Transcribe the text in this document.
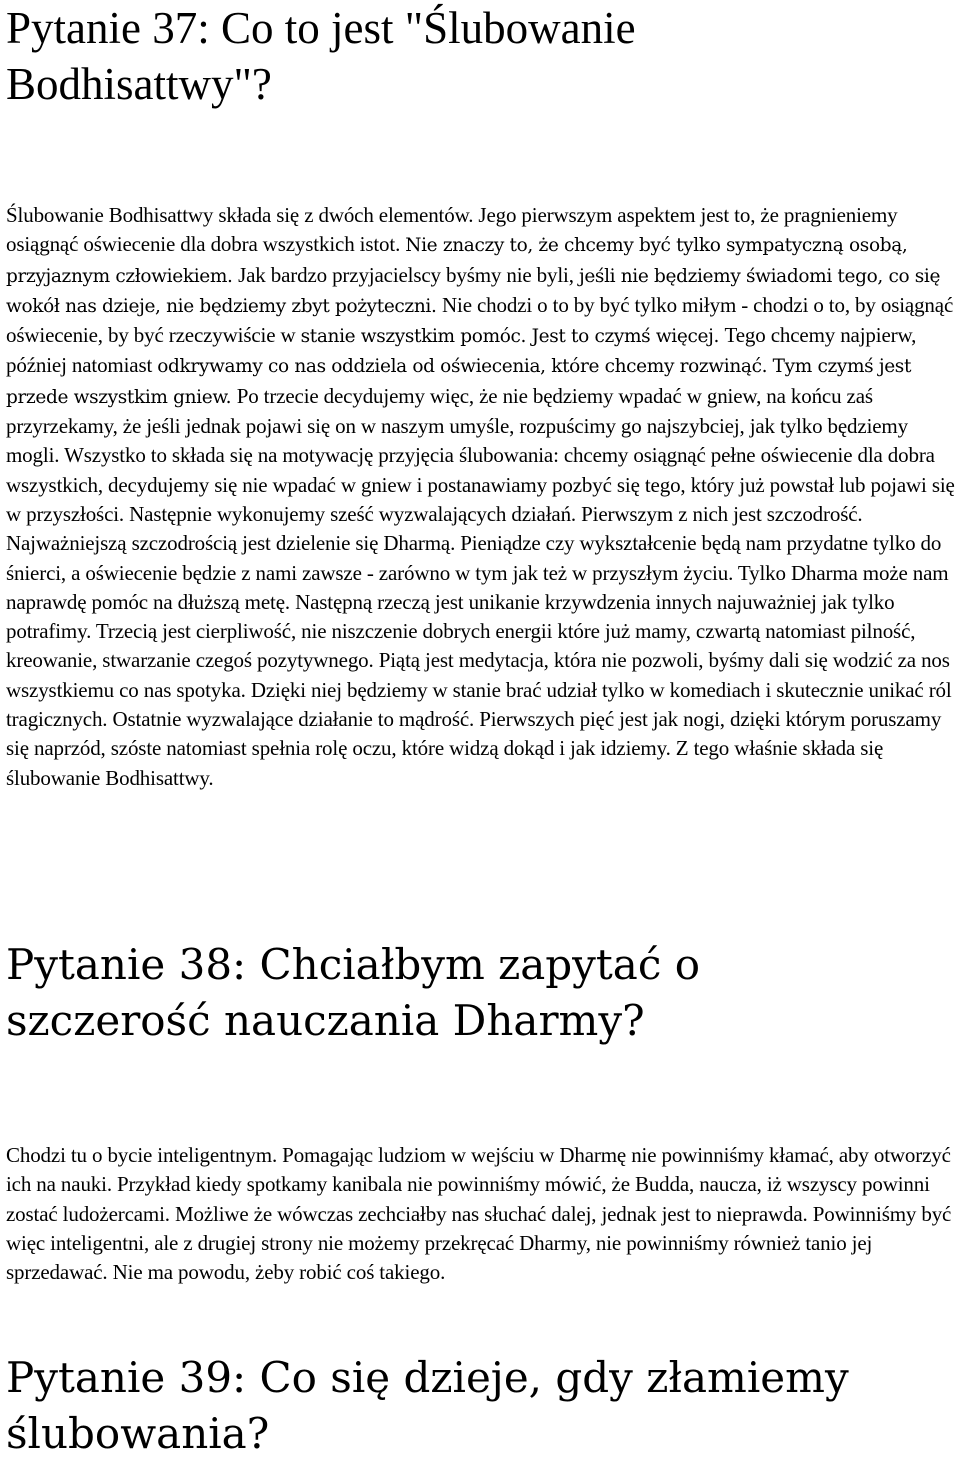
Pytanie 37: Co to jest "Ślubowanie Bodhisattwy"?

Ślubowanie Bodhisattwy składa się z dwóch elementów. Jego pierwszym aspektem jest to, że pragnieniemy osiągnąć oświecenie dla dobra wszystkich istot. Nie znaczy to, że chcemy być tylko sympatyczną osobą, przyjaznym człowiekiem. Jak bardzo przyjacielscy byśmy nie byli, jeśli nie będziemy świadomi tego, co się wokół nas dzieje, nie będziemy zbyt pożyteczni. Nie chodzi o to by być tylko miłym - chodzi o to, by osiągnąć oświecenie, by być rzeczywiście w stanie wszystkim pomóc. Jest to czymś więcej. Tego chcemy najpierw, później natomiast odkrywamy co nas oddziela od oświecenia, które chcemy rozwinąć. Tym czymś jest przede wszystkim gniew. Po trzecie decydujemy więc, że nie będziemy wpadać w gniew, na końcu zaś przyrzekamy, że jeśli jednak pojawi się on w naszym umyśle, rozpuścimy go najszybciej, jak tylko będziemy mogli. Wszystko to składa się na motywację przyjęcia ślubowania: chcemy osiągnąć pełne oświecenie dla dobra wszystkich, decydujemy się nie wpadać w gniew i postanawiamy pozbyć się tego, który już powstał lub pojawi się w przyszłości. Następnie wykonujemy sześć wyzwalających działań. Pierwszym z nich jest szczodrość. Najważniejszą szczodrością jest dzielenie się Dharmą. Pieniądze czy wykształcenie będą nam przydatne tylko do śnierci, a oświecenie będzie z nami zawsze - zarówno w tym jak też w przyszłym życiu. Tylko Dharma może nam naprawdę pomóc na dłuższą metę. Następną rzeczą jest unikanie krzywdzenia innych najuważniej jak tylko potrafimy. Trzecią jest cierpliwość, nie niszczenie dobrych energii które już mamy, czwartą natomiast pilność, kreowanie, stwarzanie czegoś pozytywnego. Piątą jest medytacja, która nie pozwoli, byśmy dali się wodzić za nos wszystkiemu co nas spotyka. Dzięki niej będziemy w stanie brać udział tylko w komediach i skutecznie unikać ról tragicznych. Ostatnie wyzwalające działanie to mądrość. Pierwszych pięć jest jak nogi, dzięki którym poruszamy się naprzód, szóste natomiast spełnia rolę oczu, które widzą dokąd i jak idziemy. Z tego właśnie składa się ślubowanie Bodhisattwy.

Pytanie 38: Chciałbym zapytać o szczerość nauczania Dharmy?

Chodzi tu o bycie inteligentnym. Pomagając ludziom w wejściu w Dharmę nie powinniśmy kłamać, aby otworzyć ich na nauki. Przykład kiedy spotkamy kanibala nie powinniśmy mówić, że Budda, naucza, iż wszyscy powinni zostać ludożercami. Możliwe że wówczas zechciałby nas słuchać dalej, jednak jest to nieprawda. Powinniśmy być więc inteligentni, ale z drugiej strony nie możemy przekręcać Dharmy, nie powinniśmy również tanio jej sprzedawać. Nie ma powodu, żeby robić coś takiego.

Pytanie 39: Co się dzieje, gdy złamiemy ślubowania?
